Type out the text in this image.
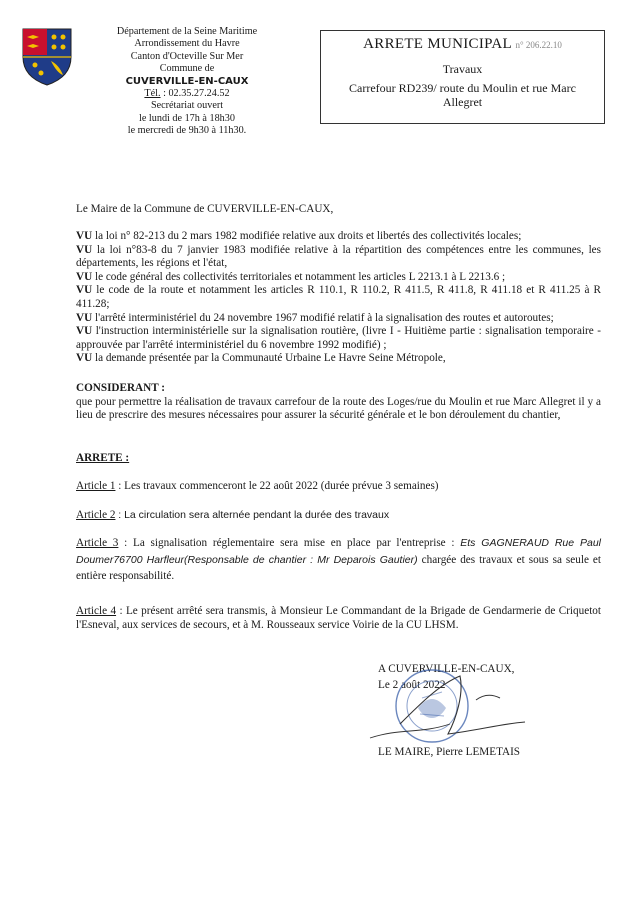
Département de la Seine Maritime
Arrondissement du Havre
Canton d'Octeville Sur Mer
Commune de
CUVERVILLE-EN-CAUX
Tél. : 02.35.27.24.52
Secrétariat ouvert
le lundi de 17h à 18h30
le mercredi de 9h30 à 11h30.
ARRETE MUNICIPAL n° 206.22.10
Travaux
Carrefour RD239/ route du Moulin et rue Marc Allegret
Le Maire de la Commune de CUVERVILLE-EN-CAUX,
VU la loi n° 82-213 du 2 mars 1982 modifiée relative aux droits et libertés des collectivités locales;
VU la loi n°83-8 du 7 janvier 1983 modifiée relative à la répartition des compétences entre les communes, les départements, les régions et l'état,
VU le code général des collectivités territoriales et notamment les articles L 2213.1 à L 2213.6 ;
VU le code de la route et notamment les articles R 110.1, R 110.2, R 411.5, R 411.8, R 411.18 et R 411.25 à R 411.28;
VU l'arrêté interministériel du 24 novembre 1967 modifié relatif à la signalisation des routes et autoroutes;
VU l'instruction interministérielle sur la signalisation routière, (livre I - Huitième partie : signalisation temporaire - approuvée par l'arrêté interministériel du 6 novembre 1992 modifié) ;
VU la demande présentée par la Communauté Urbaine Le Havre Seine Métropole,
CONSIDERANT :
que pour permettre la réalisation de travaux carrefour de la route des Loges/rue du Moulin et rue Marc Allegret il y a lieu de prescrire des mesures nécessaires pour assurer la sécurité générale et le bon déroulement du chantier,
ARRETE :
Article 1 : Les travaux commenceront le 22 août 2022 (durée prévue 3 semaines)
Article 2 : La circulation sera alternée pendant la durée des travaux
Article 3 : La signalisation réglementaire sera mise en place par l'entreprise : Ets GAGNERAUD Rue Paul Doumer76700 Harfleur(Responsable de chantier : Mr Deparois Gautier) chargée des travaux et sous sa seule et entière responsabilité.
Article 4 : Le présent arrêté sera transmis, à Monsieur Le Commandant de la Brigade de Gendarmerie de Criquetot l'Esneval, aux services de secours, et à M. Rousseaux service Voirie de la CU LHSM.
A CUVERVILLE-EN-CAUX,
Le 2 août 2022
LE MAIRE, Pierre LEMETAIS
